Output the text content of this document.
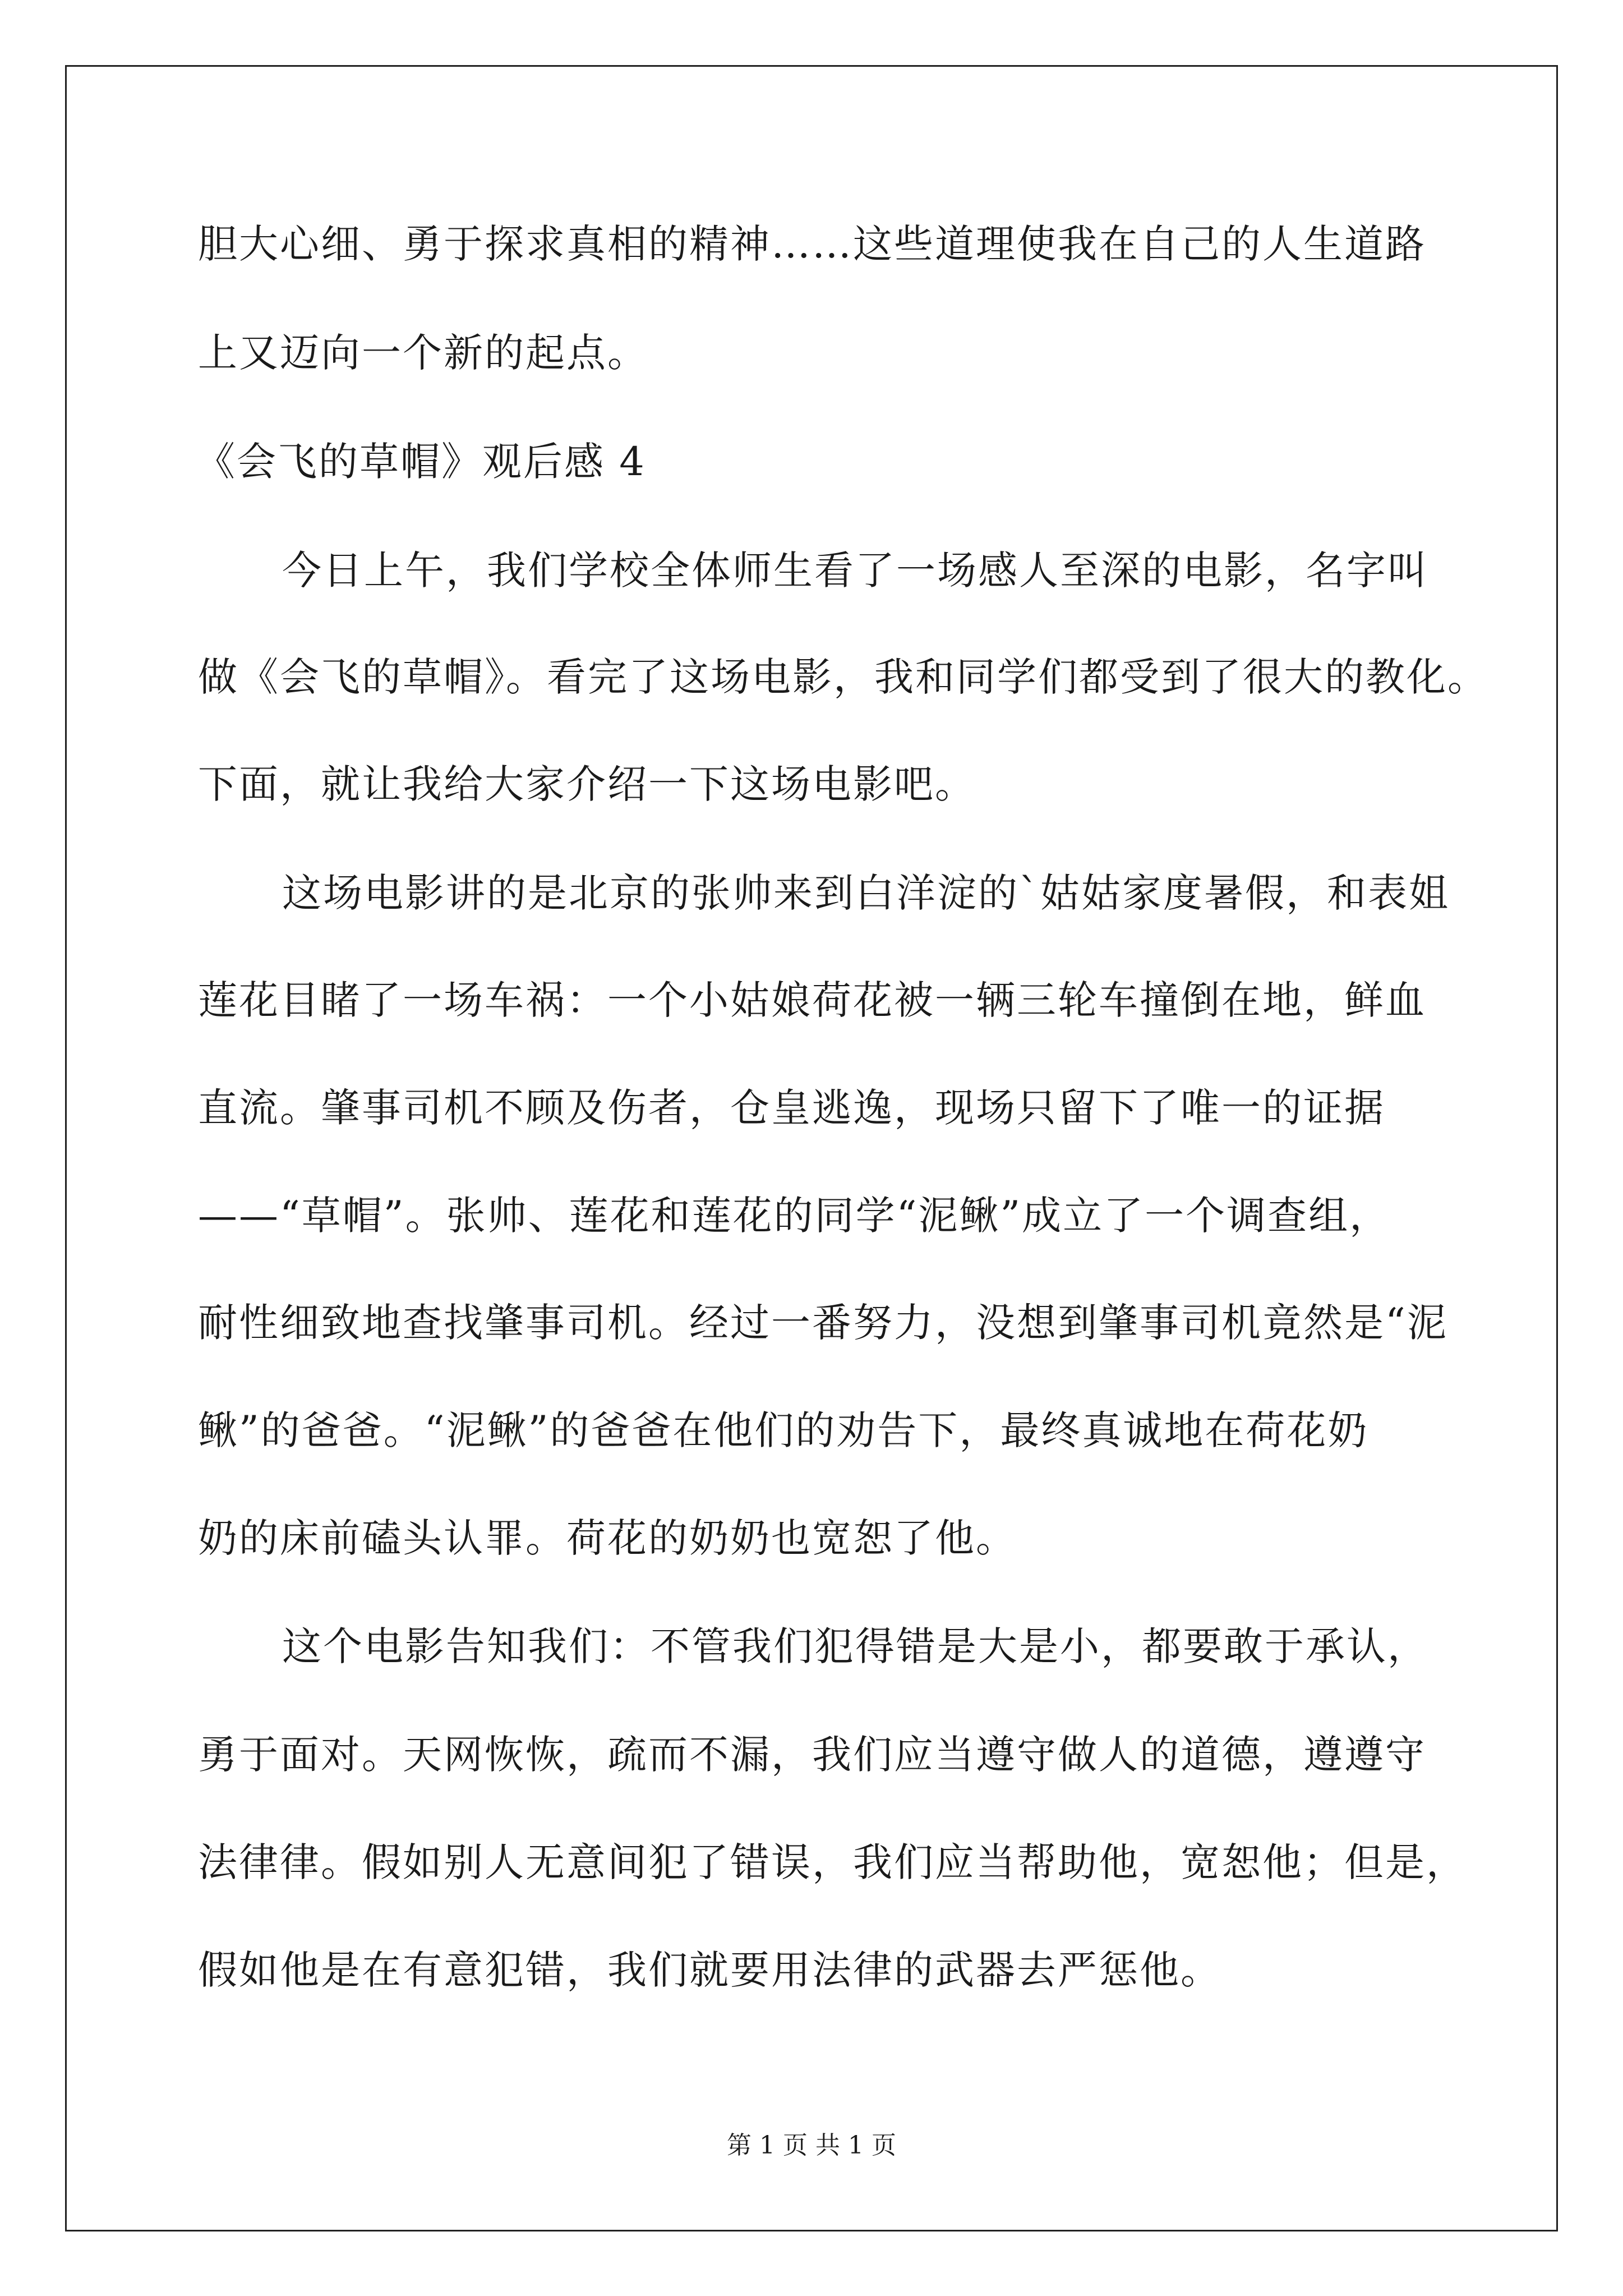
胆大心细、勇于探求真相的精神……这些道理使我在自己的人生道路
上又迈向一个新的起点。
《会飞的草帽》观后感 4
今日上午，我们学校全体师生看了一场感人至深的电影，名字叫
做《会飞的草帽》。看完了这场电影，我和同学们都受到了很大的教化。
下面，就让我给大家介绍一下这场电影吧。
这场电影讲的是北京的张帅来到白洋淀的`姑姑家度暑假，和表姐
莲花目睹了一场车祸：一个小姑娘荷花被一辆三轮车撞倒在地，鲜血
直流。肇事司机不顾及伤者，仓皇逃逸，现场只留下了唯一的证据
——“草帽”。张帅、莲花和莲花的同学“泥鳅”成立了一个调查组，
耐性细致地查找肇事司机。经过一番努力，没想到肇事司机竟然是“泥
鳅”的爸爸。“泥鳅”的爸爸在他们的劝告下，最终真诚地在荷花奶
奶的床前磕头认罪。荷花的奶奶也宽恕了他。
这个电影告知我们：不管我们犯得错是大是小，都要敢于承认，
勇于面对。天网恢恢，疏而不漏，我们应当遵守做人的道德，遵遵守
法律律。假如别人无意间犯了错误，我们应当帮助他，宽恕他；但是，
假如他是在有意犯错，我们就要用法律的武器去严惩他。
第 1 页 共 1 页
